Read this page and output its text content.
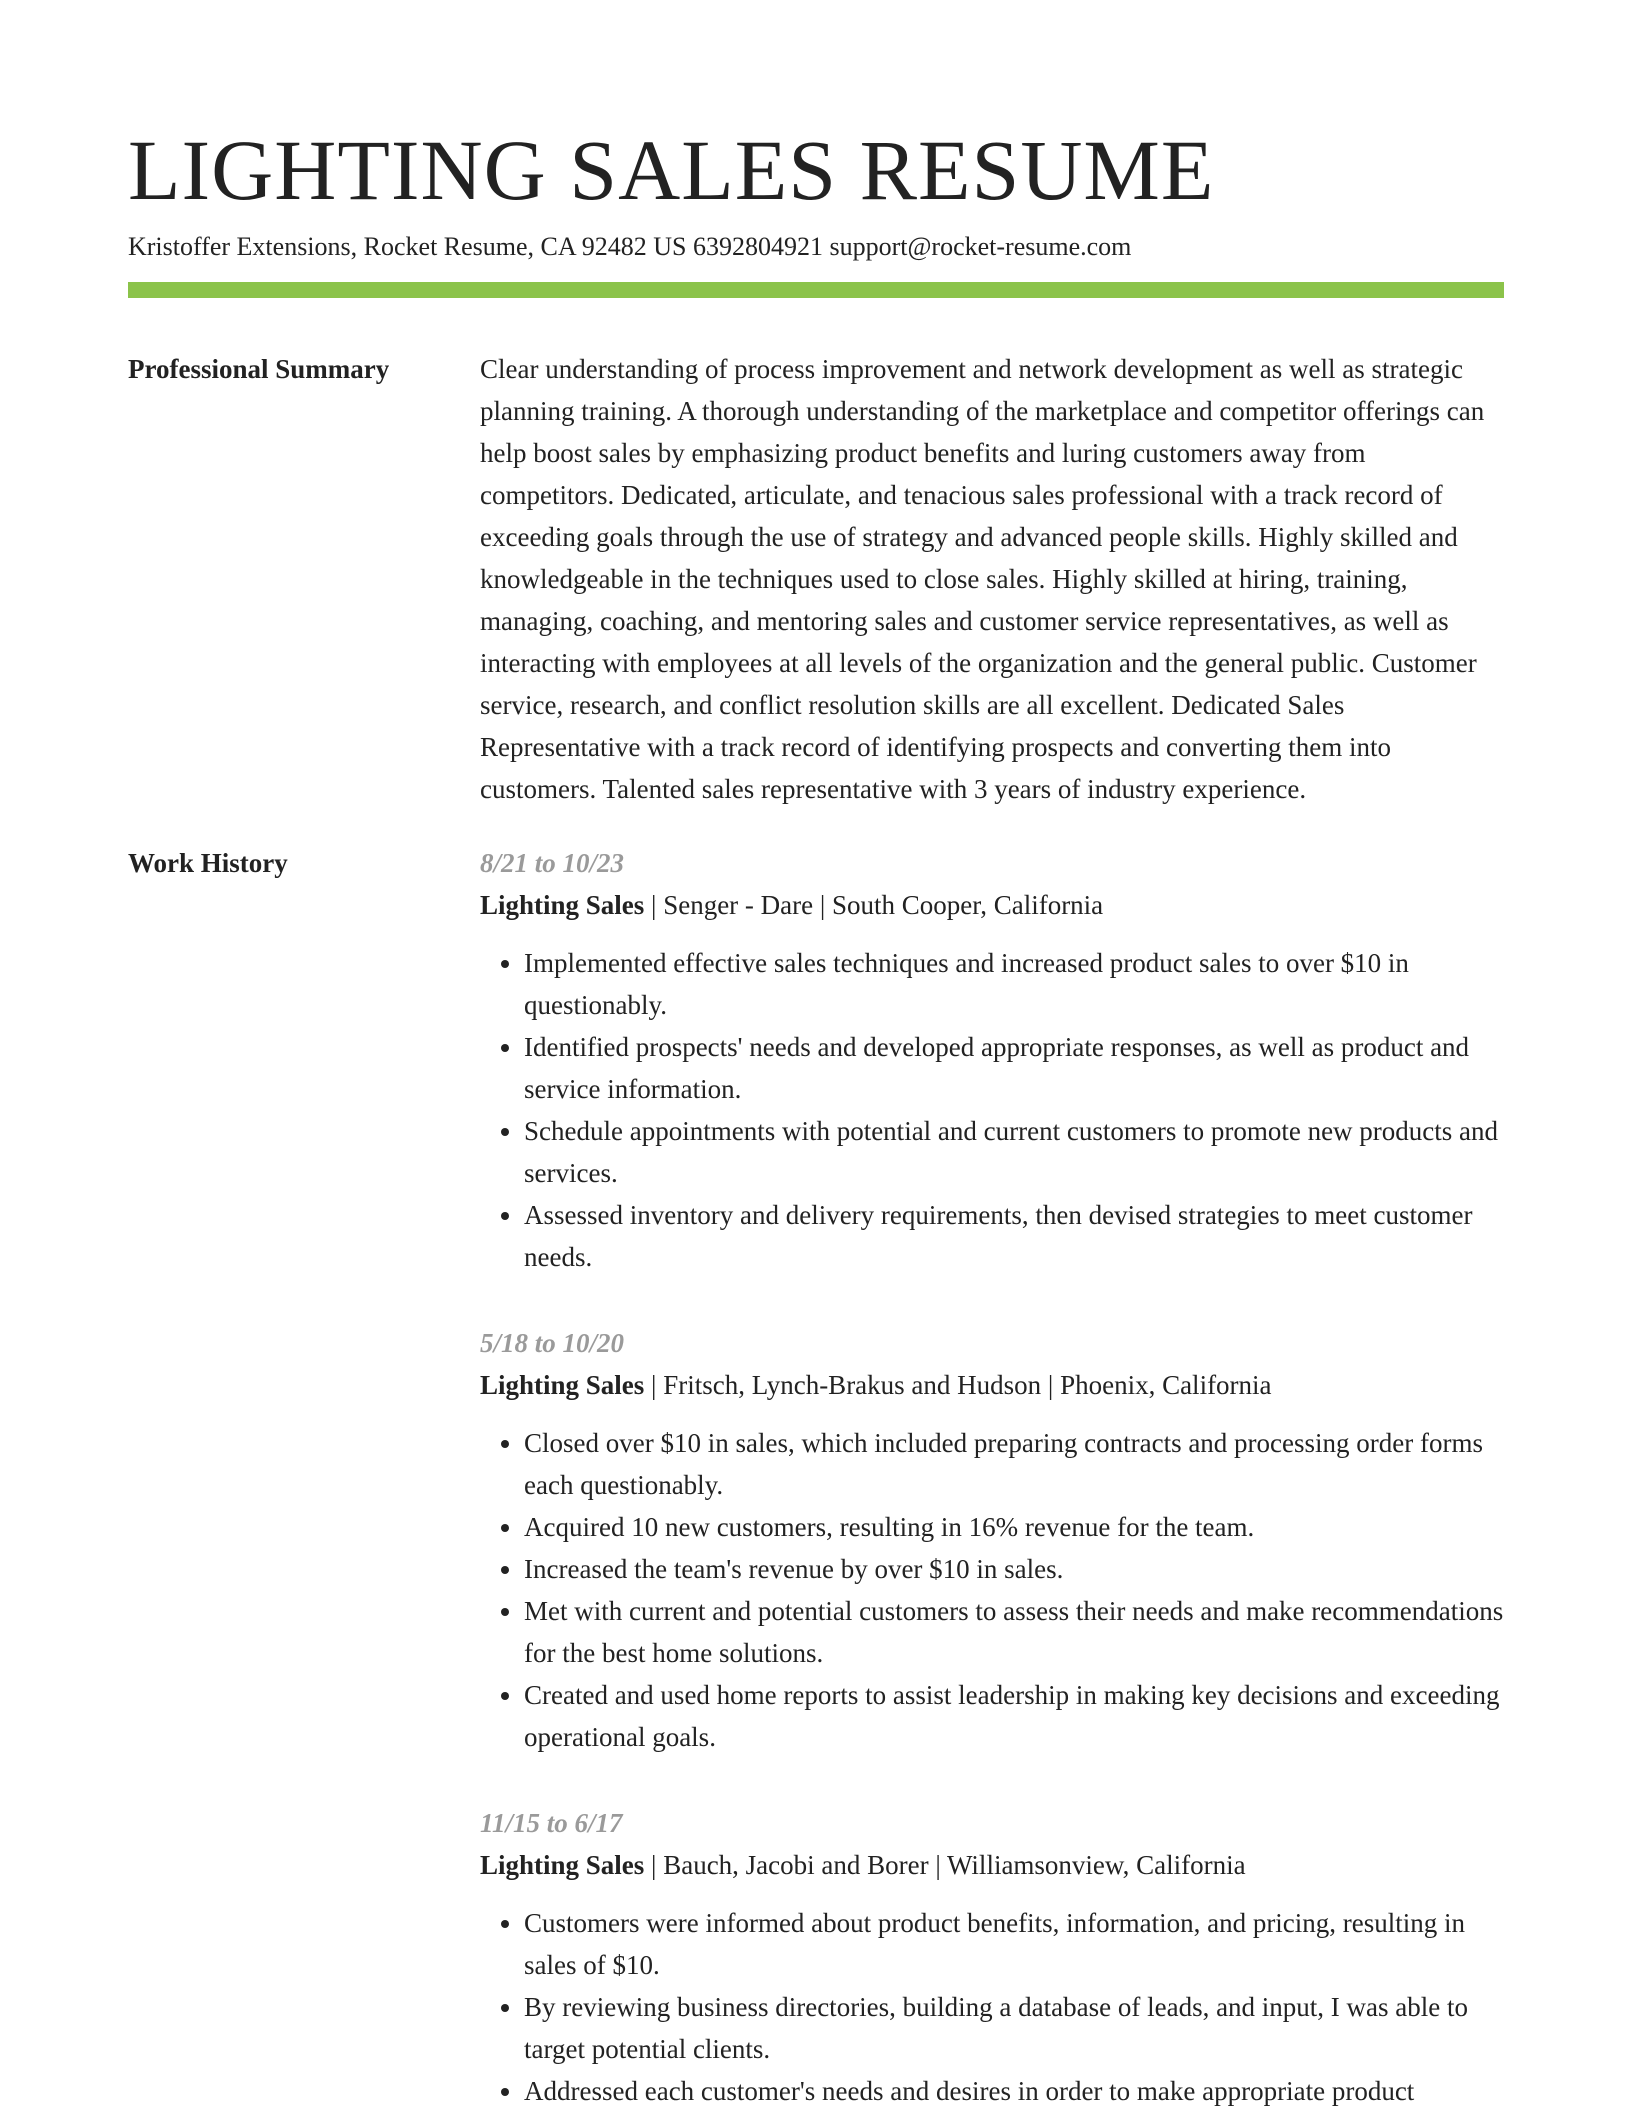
LIGHTING SALES RESUME
Kristoffer Extensions, Rocket Resume, CA 92482 US 6392804921 support@rocket-resume.com
Professional Summary	Clear understanding of process improvement and network development as well as strategic planning training. A thorough understanding of the marketplace and competitor offerings can help boost sales by emphasizing product benefits and luring customers away from competitors. Dedicated, articulate, and tenacious sales professional with a track record of exceeding goals through the use of strategy and advanced people skills. Highly skilled and knowledgeable in the techniques used to close sales. Highly skilled at hiring, training, managing, coaching, and mentoring sales and customer service representatives, as well as interacting with employees at all levels of the organization and the general public. Customer service, research, and conflict resolution skills are all excellent. Dedicated Sales Representative with a track record of identifying prospects and converting them into customers. Talented sales representative with 3 years of industry experience.

Work History	8/21 to 10/23
Lighting Sales | Senger - Dare | South Cooper, California
• Implemented effective sales techniques and increased product sales to over $10 in questionably.
• Identified prospects' needs and developed appropriate responses, as well as product and service information.
• Schedule appointments with potential and current customers to promote new products and services.
• Assessed inventory and delivery requirements, then devised strategies to meet customer needs.
5/18 to 10/20
Lighting Sales | Fritsch, Lynch-Brakus and Hudson | Phoenix, California
• Closed over $10 in sales, which included preparing contracts and processing order forms each questionably.
• Acquired 10 new customers, resulting in 16% revenue for the team.
• Increased the team's revenue by over $10 in sales.
• Met with current and potential customers to assess their needs and make recommendations for the best home solutions.
• Created and used home reports to assist leadership in making key decisions and exceeding operational goals.
11/15 to 6/17
Lighting Sales | Bauch, Jacobi and Borer | Williamsonview, California
• Customers were informed about product benefits, information, and pricing, resulting in sales of $10.
• By reviewing business directories, building a database of leads, and input, I was able to target potential clients.
• Addressed each customer's needs and desires in order to make appropriate product
